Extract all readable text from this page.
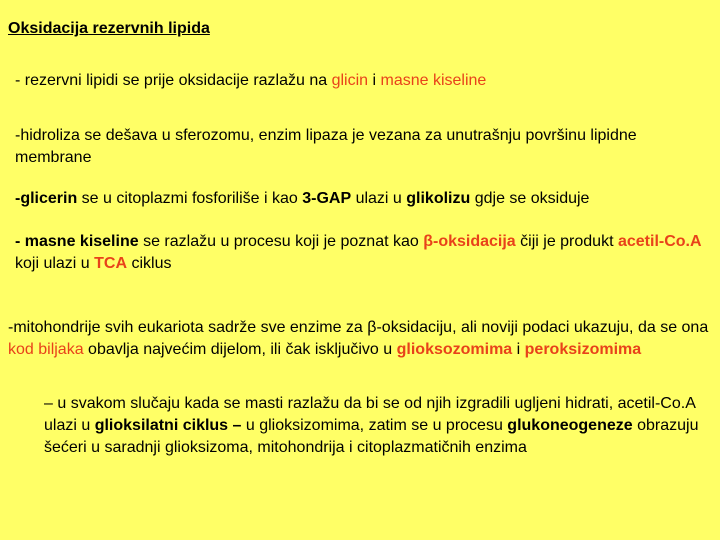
Oksidacija rezervnih lipida

- rezervni lipidi se prije oksidacije razlažu na glicin i masne kiseline

-hidroliza se dešava u sferozomu, enzim lipaza je vezana za unutrašnju površinu lipidne membrane

-glicerin se u citoplazmi fosforiliše i kao 3-GAP ulazi u glikolizu gdje se oksiduje

- masne kiseline se razlažu u procesu koji je poznat kao β-oksidacija čiji je produkt acetil-Co.A koji ulazi u TCA ciklus

-mitohondrije svih eukariota sadrže sve enzime za β-oksidaciju, ali noviji podaci ukazuju, da se ona kod biljaka obavlja najvećim dijelom, ili čak isključivo u glioksozomima i peroksizomima

– u svakom slučaju kada se masti razlažu da bi se od njih izgradili ugljeni hidrati, acetil-Co.A ulazi u glioksilatni ciklus – u glioksizomima, zatim se u procesu glukoneogeneze obrazuju šećeri u saradnji glioksizoma, mitohondrija i citoplazmatičnih enzima
